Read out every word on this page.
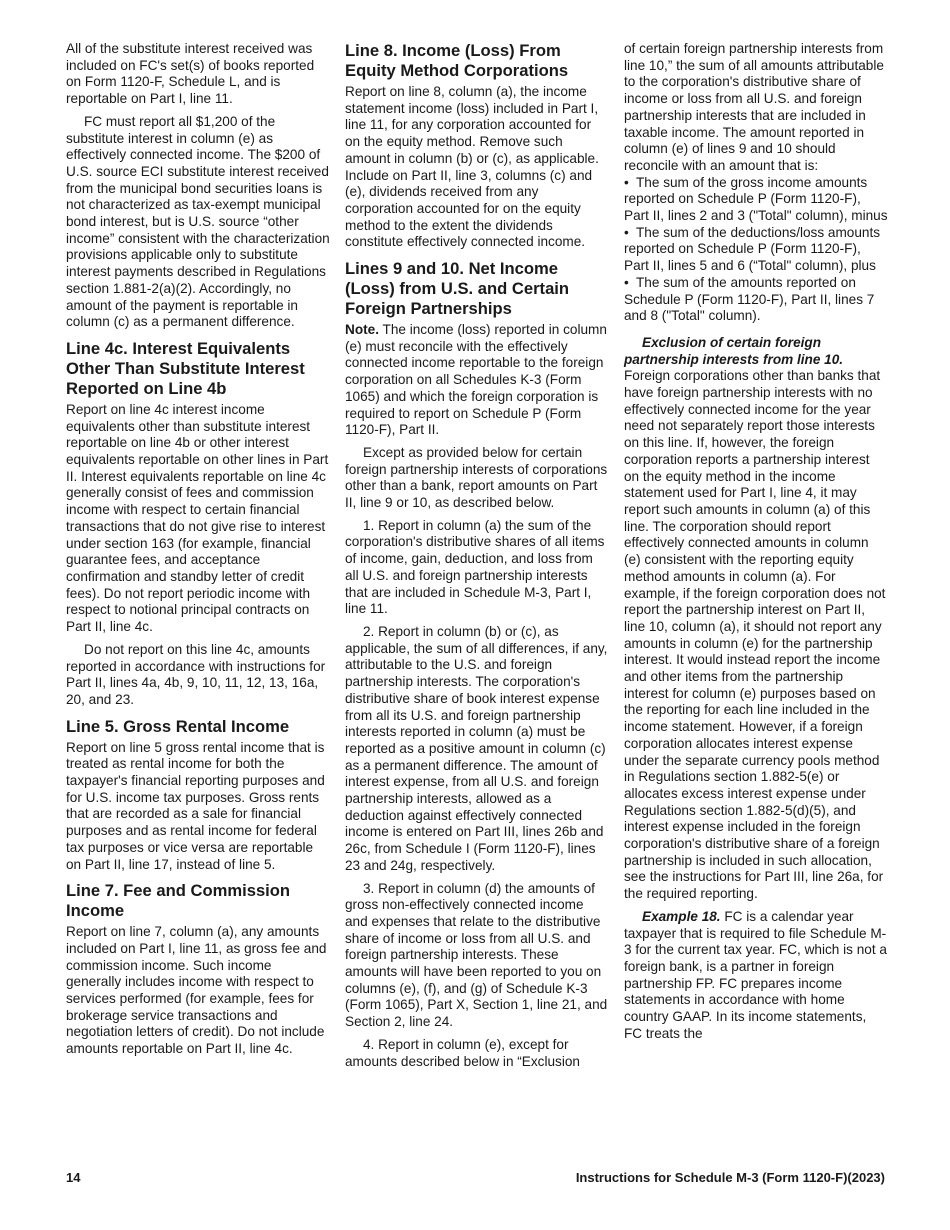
All of the substitute interest received was included on FC's set(s) of books reported on Form 1120-F, Schedule L, and is reportable on Part I, line 11.

FC must report all $1,200 of the substitute interest in column (e) as effectively connected income. The $200 of U.S. source ECI substitute interest received from the municipal bond securities loans is not characterized as tax-exempt municipal bond interest, but is U.S. source “other income” consistent with the characterization provisions applicable only to substitute interest payments described in Regulations section 1.881-2(a)(2). Accordingly, no amount of the payment is reportable in column (c) as a permanent difference.

Line 4c. Interest Equivalents Other Than Substitute Interest Reported on Line 4b

Report on line 4c interest income equivalents other than substitute interest reportable on line 4b or other interest equivalents reportable on other lines in Part II. Interest equivalents reportable on line 4c generally consist of fees and commission income with respect to certain financial transactions that do not give rise to interest under section 163 (for example, financial guarantee fees, and acceptance confirmation and standby letter of credit fees). Do not report periodic income with respect to notional principal contracts on Part II, line 4c.

Do not report on this line 4c, amounts reported in accordance with instructions for Part II, lines 4a, 4b, 9, 10, 11, 12, 13, 16a, 20, and 23.

Line 5. Gross Rental Income

Report on line 5 gross rental income that is treated as rental income for both the taxpayer's financial reporting purposes and for U.S. income tax purposes. Gross rents that are recorded as a sale for financial purposes and as rental income for federal tax purposes or vice versa are reportable on Part II, line 17, instead of line 5.

Line 7. Fee and Commission Income

Report on line 7, column (a), any amounts included on Part I, line 11, as gross fee and commission income. Such income generally includes income with respect to services performed (for example, fees for brokerage service transactions and negotiation letters of credit). Do not include amounts reportable on Part II, line 4c.

Line 8. Income (Loss) From Equity Method Corporations

Report on line 8, column (a), the income statement income (loss) included in Part I, line 11, for any corporation accounted for on the equity method. Remove such amount in column (b) or (c), as applicable. Include on Part II, line 3, columns (c) and (e), dividends received from any corporation accounted for on the equity method to the extent the dividends constitute effectively connected income.

Lines 9 and 10. Net Income (Loss) from U.S. and Certain Foreign Partnerships

Note. The income (loss) reported in column (e) must reconcile with the effectively connected income reportable to the foreign corporation on all Schedules K-3 (Form 1065) and which the foreign corporation is required to report on Schedule P (Form 1120-F), Part II.

Except as provided below for certain foreign partnership interests of corporations other than a bank, report amounts on Part II, line 9 or 10, as described below.

1. Report in column (a) the sum of the corporation's distributive shares of all items of income, gain, deduction, and loss from all U.S. and foreign partnership interests that are included in Schedule M-3, Part I, line 11.

2. Report in column (b) or (c), as applicable, the sum of all differences, if any, attributable to the U.S. and foreign partnership interests. The corporation's distributive share of book interest expense from all its U.S. and foreign partnership interests reported in column (a) must be reported as a positive amount in column (c) as a permanent difference. The amount of interest expense, from all U.S. and foreign partnership interests, allowed as a deduction against effectively connected income is entered on Part III, lines 26b and 26c, from Schedule I (Form 1120-F), lines 23 and 24g, respectively.

3. Report in column (d) the amounts of gross non-effectively connected income and expenses that relate to the distributive share of income or loss from all U.S. and foreign partnership interests. These amounts will have been reported to you on columns (e), (f), and (g) of Schedule K-3 (Form 1065), Part X, Section 1, line 21, and Section 2, line 24.

4. Report in column (e), except for amounts described below in “Exclusion

of certain foreign partnership interests from line 10,” the sum of all amounts attributable to the corporation's distributive share of income or loss from all U.S. and foreign partnership interests that are included in taxable income. The amount reported in column (e) of lines 9 and 10 should reconcile with an amount that is:

• The sum of the gross income amounts reported on Schedule P (Form 1120-F), Part II, lines 2 and 3 ("Total" column), minus
• The sum of the deductions/loss amounts reported on Schedule P (Form 1120-F), Part II, lines 5 and 6 (“Total" column), plus
• The sum of the amounts reported on Schedule P (Form 1120-F), Part II, lines 7 and 8 ("Total" column).

Exclusion of certain foreign partnership interests from line 10. Foreign corporations other than banks that have foreign partnership interests with no effectively connected income for the year need not separately report those interests on this line. If, however, the foreign corporation reports a partnership interest on the equity method in the income statement used for Part I, line 4, it may report such amounts in column (a) of this line. The corporation should report effectively connected amounts in column (e) consistent with the reporting equity method amounts in column (a). For example, if the foreign corporation does not report the partnership interest on Part II, line 10, column (a), it should not report any amounts in column (e) for the partnership interest. It would instead report the income and other items from the partnership interest for column (e) purposes based on the reporting for each line included in the income statement. However, if a foreign corporation allocates interest expense under the separate currency pools method in Regulations section 1.882-5(e) or allocates excess interest expense under Regulations section 1.882-5(d)(5), and interest expense included in the foreign corporation's distributive share of a foreign partnership is included in such allocation, see the instructions for Part III, line 26a, for the required reporting.

Example 18. FC is a calendar year taxpayer that is required to file Schedule M-3 for the current tax year. FC, which is not a foreign bank, is a partner in foreign partnership FP. FC prepares income statements in accordance with home country GAAP. In its income statements, FC treats the

14	Instructions for Schedule M-3 (Form 1120-F)(2023)
